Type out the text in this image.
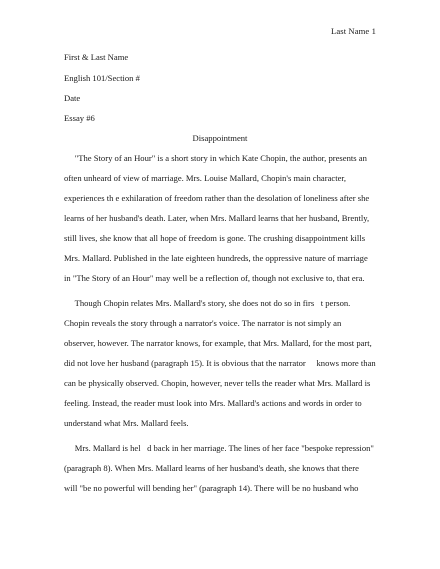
Last Name 1
First & Last Name
English 101/Section #
Date
Essay #6
Disappointment
"The Story of an Hour" is a short story in which Kate Chopin, the author, presents an
often unheard of view of marriage. Mrs. Louise Mallard, Chopin's main character,
experiences th e exhilaration of freedom rather than the desolation of loneliness after she
learns of her husband's death. Later, when Mrs. Mallard learns that her husband, Brently,
still lives, she know that all hope of freedom is gone. The crushing disappointment kills
Mrs. Mallard. Published in the late eighteen hundreds, the oppressive nature of marriage
in "The Story of an Hour" may well be a reflection of, though not exclusive to, that era.
Though Chopin relates Mrs. Mallard's story, she does not do so in firs   t person.
Chopin reveals the story through a narrator's voice. The narrator is not simply an
observer, however. The narrator knows, for example, that Mrs. Mallard, for the most part,
did not love her husband (paragraph 15). It is obvious that the narrator     knows more than
can be physically observed. Chopin, however, never tells the reader what Mrs. Mallard is
feeling. Instead, the reader must look into Mrs. Mallard's actions and words in order to
understand what Mrs. Mallard feels.
Mrs. Mallard is hel   d back in her marriage. The lines of her face "bespoke repression"
(paragraph 8). When Mrs. Mallard learns of her husband's death, she knows that there
will "be no powerful will bending her" (paragraph 14). There will be no husband who
